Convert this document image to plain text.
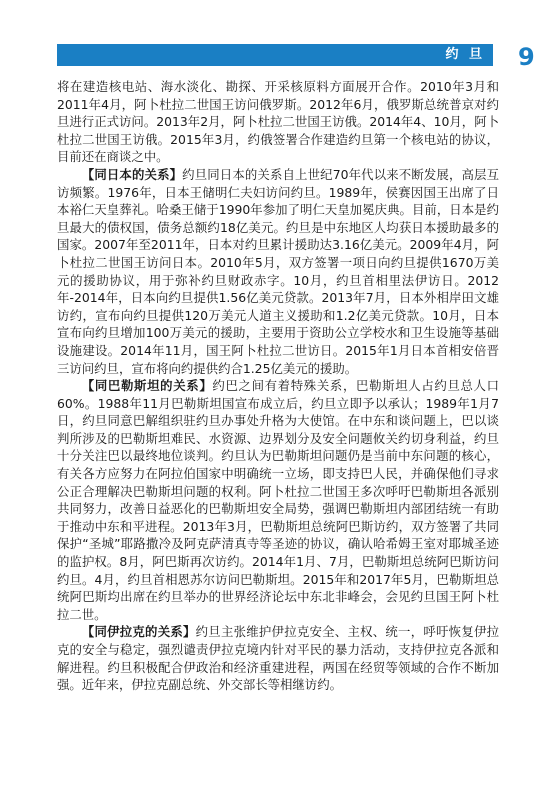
约 旦 9

将在建造核电站、海水淡化、勘探、开采核原料方面展开合作。2010年3月和2011年4月，阿卜杜拉二世国王访问俄罗斯。2012年6月，俄罗斯总统普京对约旦进行正式访问。2013年2月，阿卜杜拉二世国王访俄。2014年4、10月，阿卜杜拉二世国王访俄。2015年3月，约俄签署合作建造约旦第一个核电站的协议，目前还在商谈之中。

【同日本的关系】约旦同日本的关系自上世纪70年代以来不断发展，高层互访频繁。1976年，日本王储明仁夫妇访问约旦。1989年，侯赛因国王出席了日本裕仁天皇葬礼。哈桑王储于1990年参加了明仁天皇加冕庆典。目前，日本是约旦最大的债权国，债务总额约18亿美元。约旦是中东地区人均获日本援助最多的国家。2007年至2011年，日本对约旦累计援助达3.16亿美元。2009年4月，阿卜杜拉二世国王访问日本。2010年5月，双方签署一项日向约旦提供1670万美元的援助协议，用于弥补约旦财政赤字。10月，约旦首相里法伊访日。2012年-2014年，日本向约旦提供1.56亿美元贷款。2013年7月，日本外相岸田文雄访约，宣布向约旦提供120万美元人道主义援助和1.2亿美元贷款。10月，日本宣布向约旦增加100万美元的援助，主要用于资助公立学校水和卫生设施等基础设施建设。2014年11月，国王阿卜杜拉二世访日。2015年1月日本首相安倍晋三访问约旦，宣布将向约提供约合1.25亿美元的援助。

【同巴勒斯坦的关系】约巴之间有着特殊关系，巴勒斯坦人占约旦总人口60%。1988年11月巴勒斯坦国宣布成立后，约旦立即予以承认；1989年1月7日，约旦同意巴解组织驻约旦办事处升格为大使馆。在中东和谈问题上，巴以谈判所涉及的巴勒斯坦难民、水资源、边界划分及安全问题攸关约切身利益，约旦十分关注巴以最终地位谈判。约旦认为巴勒斯坦问题仍是当前中东问题的核心，有关各方应努力在阿拉伯国家中明确统一立场，即支持巴人民，并确保他们寻求公正合理解决巴勒斯坦问题的权利。阿卜杜拉二世国王多次呼吁巴勒斯坦各派别共同努力，改善日益恶化的巴勒斯坦安全局势，强调巴勒斯坦内部团结统一有助于推动中东和平进程。2013年3月，巴勒斯坦总统阿巴斯访约，双方签署了共同保护“圣城”耶路撒冷及阿克萨清真寺等圣迹的协议，确认哈希姆王室对耶城圣迹的监护权。8月，阿巴斯再次访约。2014年1月、7月，巴勒斯坦总统阿巴斯访问约旦。4月，约旦首相恩苏尔访问巴勒斯坦。2015年和2017年5月，巴勒斯坦总统阿巴斯均出席在约旦举办的世界经济论坛中东北非峰会，会见约旦国王阿卜杜拉二世。

【同伊拉克的关系】约旦主张维护伊拉克安全、主权、统一，呼吁恢复伊拉克的安全与稳定，强烈谴责伊拉克境内针对平民的暴力活动，支持伊拉克各派和解进程。约旦积极配合伊政治和经济重建进程，两国在经贸等领域的合作不断加强。近年来，伊拉克副总统、外交部长等相继访约。
